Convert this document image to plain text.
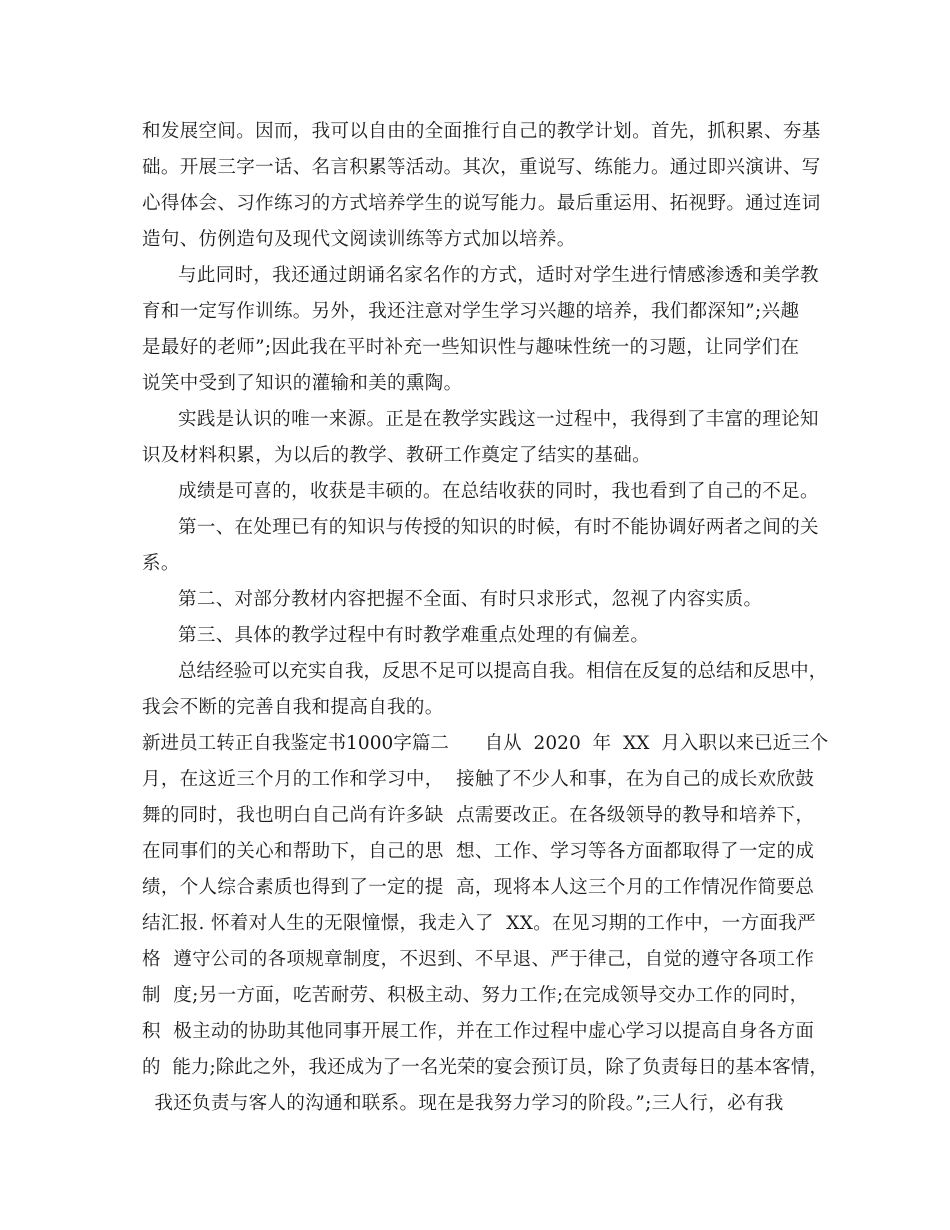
和发展空间。因而，我可以自由的全面推行自己的教学计划。首先，抓积累、夯基
础。开展三字一话、名言积累等活动。其次，重说写、练能力。通过即兴演讲、写
心得体会、习作练习的方式培养学生的说写能力。最后重运用、拓视野。通过连词
造句、仿例造句及现代文阅读训练等方式加以培养。
与此同时，我还通过朗诵名家名作的方式，适时对学生进行情感渗透和美学教
育和一定写作训练。另外，我还注意对学生学习兴趣的培养，我们都深知”;兴趣
是最好的老师”;因此我在平时补充一些知识性与趣味性统一的习题，让同学们在
说笑中受到了知识的灌输和美的熏陶。
实践是认识的唯一来源。正是在教学实践这一过程中，我得到了丰富的理论知
识及材料积累，为以后的教学、教研工作奠定了结实的基础。
成绩是可喜的，收获是丰硕的。在总结收获的同时，我也看到了自己的不足。
第一、在处理已有的知识与传授的知识的时候，有时不能协调好两者之间的关
系。
第二、对部分教材内容把握不全面、有时只求形式，忽视了内容实质。
第三、具体的教学过程中有时教学难重点处理的有偏差。
总结经验可以充实自我，反思不足可以提高自我。相信在反复的总结和反思中，
我会不断的完善自我和提高自我的。
新进员工转正自我鉴定书1000字篇二      自从  2020  年  XX  月入职以来已近三个
月，在这近三个月的工作和学习中，  接触了不少人和事，在为自己的成长欢欣鼓
舞的同时，我也明白自己尚有许多缺  点需要改正。在各级领导的教导和培养下，
在同事们的关心和帮助下，自己的思  想、工作、学习等各方面都取得了一定的成
绩，个人综合素质也得到了一定的提  高，现将本人这三个月的工作情况作简要总
结汇报. 怀着对人生的无限憧憬，我走入了  XX。在见习期的工作中，一方面我严
格  遵守公司的各项规章制度，不迟到、不早退、严于律己，自觉的遵守各项工作
制  度;另一方面，吃苦耐劳、积极主动、努力工作;在完成领导交办工作的同时，
积  极主动的协助其他同事开展工作，并在工作过程中虚心学习以提高自身各方面
的  能力;除此之外，我还成为了一名光荣的宴会预订员，除了负责每日的基本客情，
我还负责与客人的沟通和联系。现在是我努力学习的阶段。”;三人行，必有我
